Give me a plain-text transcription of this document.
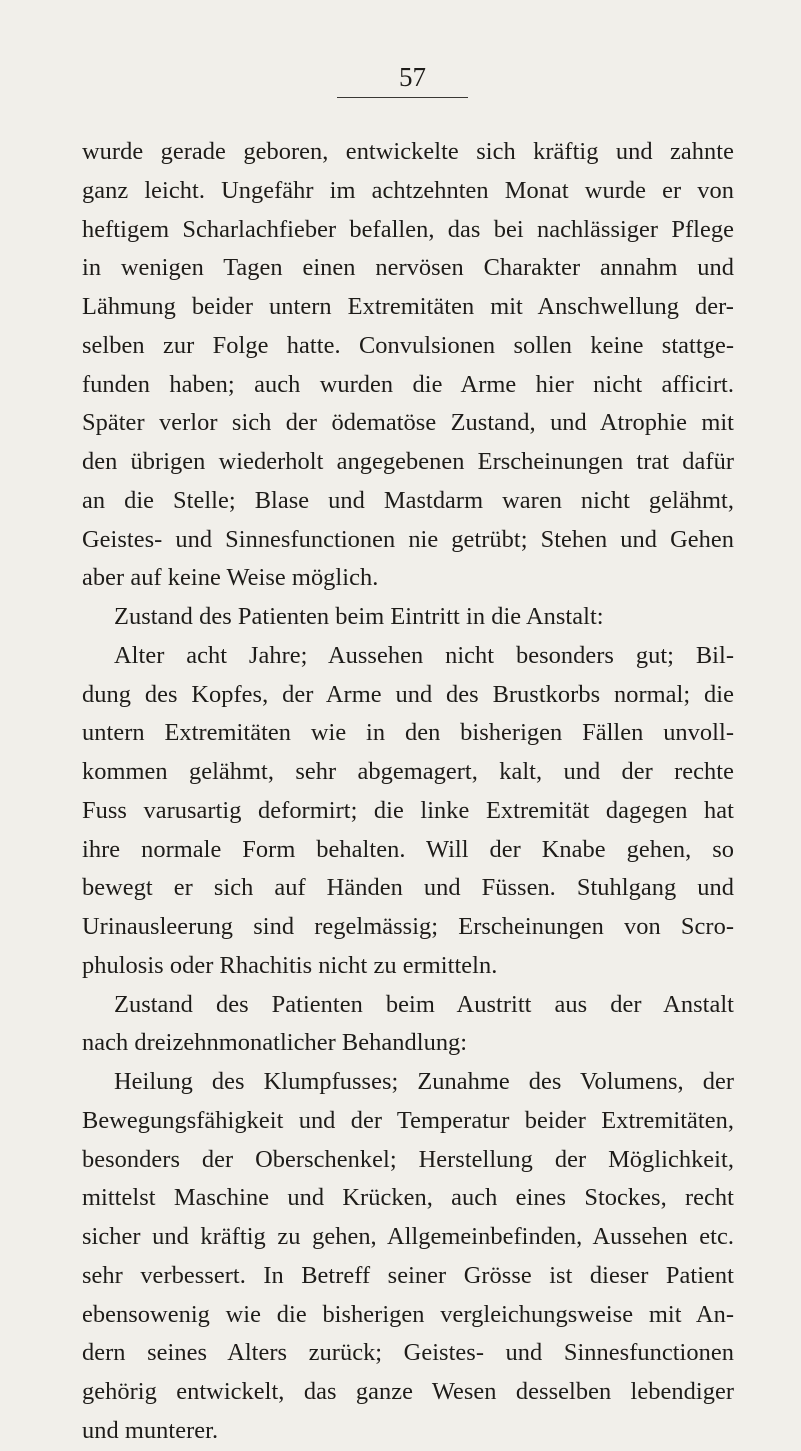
57
wurde gerade geboren, entwickelte sich kräftig und zahnte
ganz leicht. Ungefähr im achtzehnten Monat wurde er von
heftigem Scharlachfieber befallen, das bei nachlässiger Pflege
in wenigen Tagen einen nervösen Charakter annahm und
Lähmung beider untern Extremitäten mit Anschwellung der-
selben zur Folge hatte. Convulsionen sollen keine stattge-
funden haben; auch wurden die Arme hier nicht afficirt.
Später verlor sich der ödematöse Zustand, und Atrophie mit
den übrigen wiederholt angegebenen Erscheinungen trat dafür
an die Stelle; Blase und Mastdarm waren nicht gelähmt,
Geistes- und Sinnesfunctionen nie getrübt; Stehen und Gehen
aber auf keine Weise möglich.
Zustand des Patienten beim Eintritt in die Anstalt:
Alter acht Jahre; Aussehen nicht besonders gut; Bil-
dung des Kopfes, der Arme und des Brustkorbs normal; die
untern Extremitäten wie in den bisherigen Fällen unvoll-
kommen gelähmt, sehr abgemagert, kalt, und der rechte
Fuss varusartig deformirt; die linke Extremität dagegen hat
ihre normale Form behalten. Will der Knabe gehen, so
bewegt er sich auf Händen und Füssen. Stuhlgang und
Urinausleerung sind regelmässig; Erscheinungen von Scro-
phulosis oder Rhachitis nicht zu ermitteln.
Zustand des Patienten beim Austritt aus der Anstalt
nach dreizehnmonatlicher Behandlung:
Heilung des Klumpfusses; Zunahme des Volumens, der
Bewegungsfähigkeit und der Temperatur beider Extremitäten,
besonders der Oberschenkel; Herstellung der Möglichkeit,
mittelst Maschine und Krücken, auch eines Stockes, recht
sicher und kräftig zu gehen, Allgemeinbefinden, Aussehen etc.
sehr verbessert. In Betreff seiner Grösse ist dieser Patient
ebensowenig wie die bisherigen vergleichungsweise mit An-
dern seines Alters zurück; Geistes- und Sinnesfunctionen
gehörig entwickelt, das ganze Wesen desselben lebendiger
und munterer.
